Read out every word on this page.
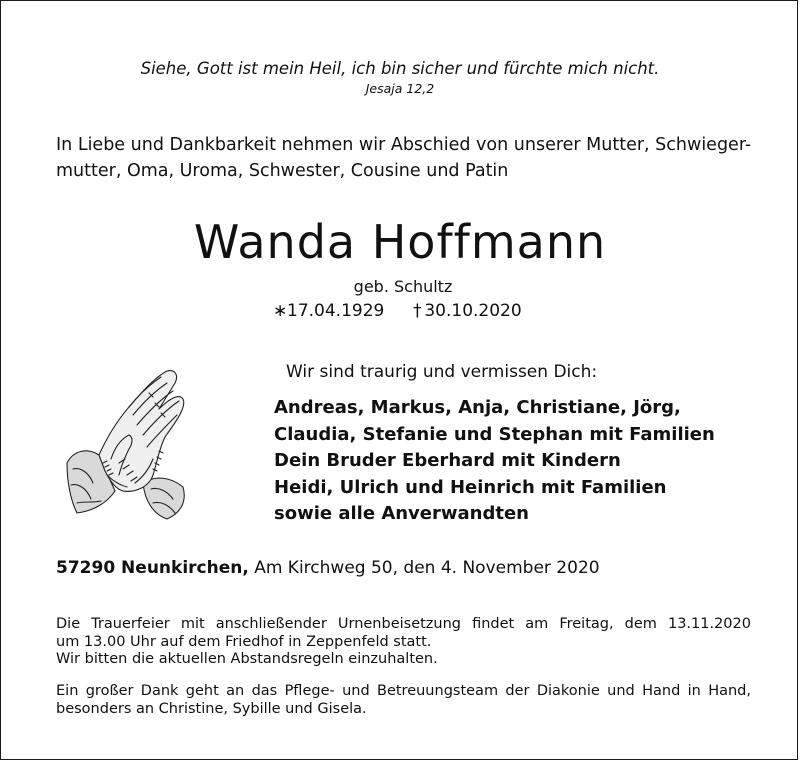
Siehe, Gott ist mein Heil, ich bin sicher und fürchte mich nicht.
Jesaja 12,2
In Liebe und Dankbarkeit nehmen wir Abschied von unserer Mutter, Schwieger-
mutter, Oma, Uroma, Schwester, Cousine und Patin
Wanda Hoffmann
geb. Schultz
∗17.04.1929 † 30.10.2020
Wir sind traurig und vermissen Dich:
Andreas, Markus, Anja, Christiane, Jörg,
Claudia, Stefanie und Stephan mit Familien
Dein Bruder Eberhard mit Kindern
Heidi, Ulrich und Heinrich mit Familien
sowie alle Anverwandten
57290 Neunkirchen, Am Kirchweg 50, den 4. November 2020
Die Trauerfeier mit anschließender Urnenbeisetzung findet am Freitag, dem 13.11.2020
um 13.00 Uhr auf dem Friedhof in Zeppenfeld statt.
Wir bitten die aktuellen Abstandsregeln einzuhalten.
Ein großer Dank geht an das Pflege- und Betreuungsteam der Diakonie und Hand in Hand,
besonders an Christine, Sybille und Gisela.
